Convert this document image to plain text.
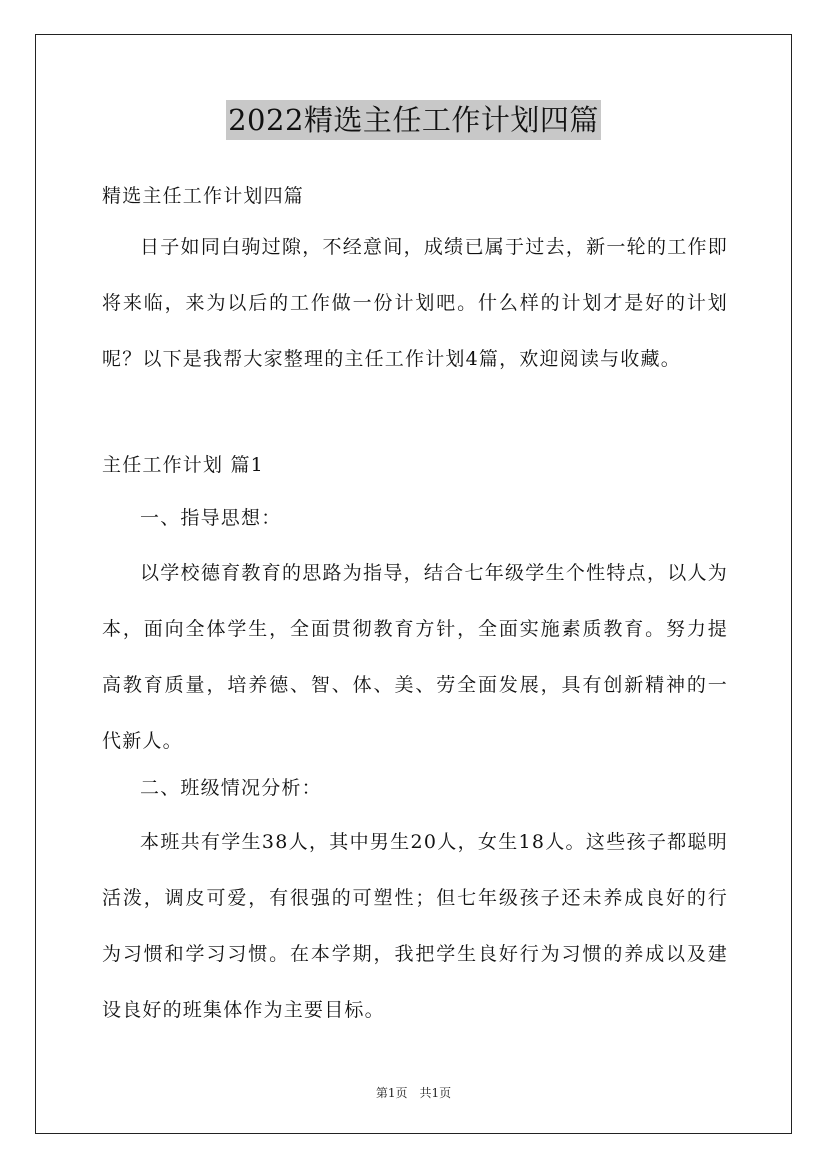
2022精选主任工作计划四篇

精选主任工作计划四篇

日子如同白驹过隙，不经意间，成绩已属于过去，新一轮的工作即将来临，来为以后的工作做一份计划吧。什么样的计划才是好的计划呢？以下是我帮大家整理的主任工作计划4篇，欢迎阅读与收藏。

主任工作计划 篇1

一、指导思想：

以学校德育教育的思路为指导，结合七年级学生个性特点，以人为本，面向全体学生，全面贯彻教育方针，全面实施素质教育。努力提高教育质量，培养德、智、体、美、劳全面发展，具有创新精神的一代新人。

二、班级情况分析：

本班共有学生38人，其中男生20人，女生18人。这些孩子都聪明活泼，调皮可爱，有很强的可塑性；但七年级孩子还未养成良好的行为习惯和学习习惯。在本学期，我把学生良好行为习惯的养成以及建设良好的班集体作为主要目标。

第1页　共1页
